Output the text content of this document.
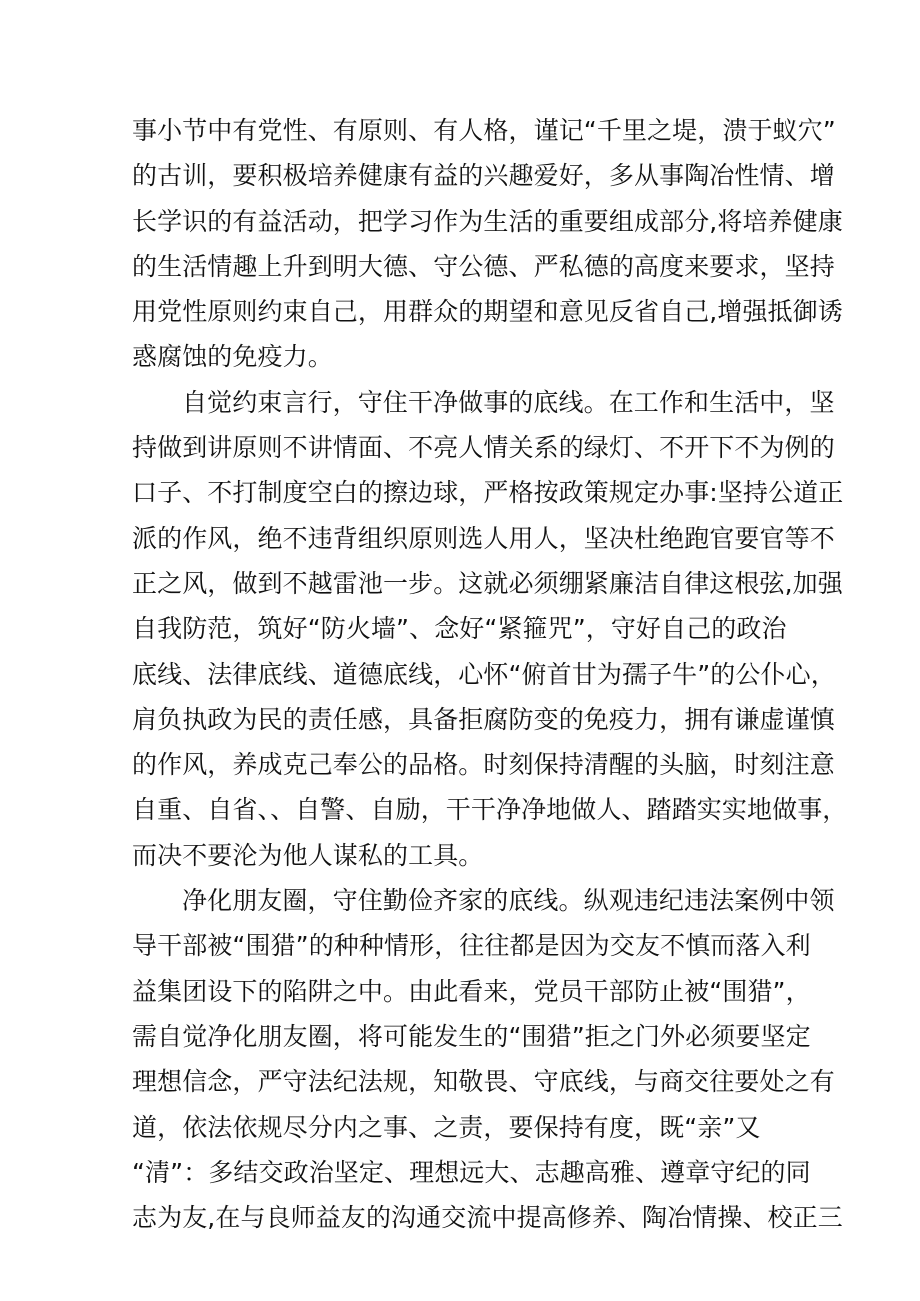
事小节中有党性、有原则、有人格，谨记“千里之堤，溃于蚁穴”
的古训，要积极培养健康有益的兴趣爱好，多从事陶冶性情、增
长学识的有益活动，把学习作为生活的重要组成部分,将培养健康
的生活情趣上升到明大德、守公德、严私德的高度来要求，坚持
用党性原则约束自己，用群众的期望和意见反省自己,增强抵御诱
惑腐蚀的免疫力。
自觉约束言行，守住干净做事的底线。在工作和生活中，坚
持做到讲原则不讲情面、不亮人情关系的绿灯、不开下不为例的
口子、不打制度空白的擦边球，严格按政策规定办事:坚持公道正
派的作风，绝不违背组织原则选人用人，坚决杜绝跑官要官等不
正之风，做到不越雷池一步。这就必须绷紧廉洁自律这根弦,加强
自我防范，筑好“防火墙”、念好“紧箍咒”，守好自己的政治
底线、法律底线、道德底线，心怀“俯首甘为孺子牛”的公仆心，
肩负执政为民的责任感，具备拒腐防变的免疫力，拥有谦虚谨慎
的作风，养成克己奉公的品格。时刻保持清醒的头脑，时刻注意
自重、自省、、自警、自励，干干净净地做人、踏踏实实地做事，
而决不要沦为他人谋私的工具。
净化朋友圈，守住勤俭齐家的底线。纵观违纪违法案例中领
导干部被“围猎”的种种情形，往往都是因为交友不慎而落入利
益集团设下的陷阱之中。由此看来，党员干部防止被“围猎”，
需自觉净化朋友圈，将可能发生的“围猎”拒之门外必须要坚定
理想信念，严守法纪法规，知敬畏、守底线，与商交往要处之有
道，依法依规尽分内之事、之责，要保持有度，既“亲”又
“清”：多结交政治坚定、理想远大、志趣高雅、遵章守纪的同
志为友,在与良师益友的沟通交流中提高修养、陶冶情操、校正三
